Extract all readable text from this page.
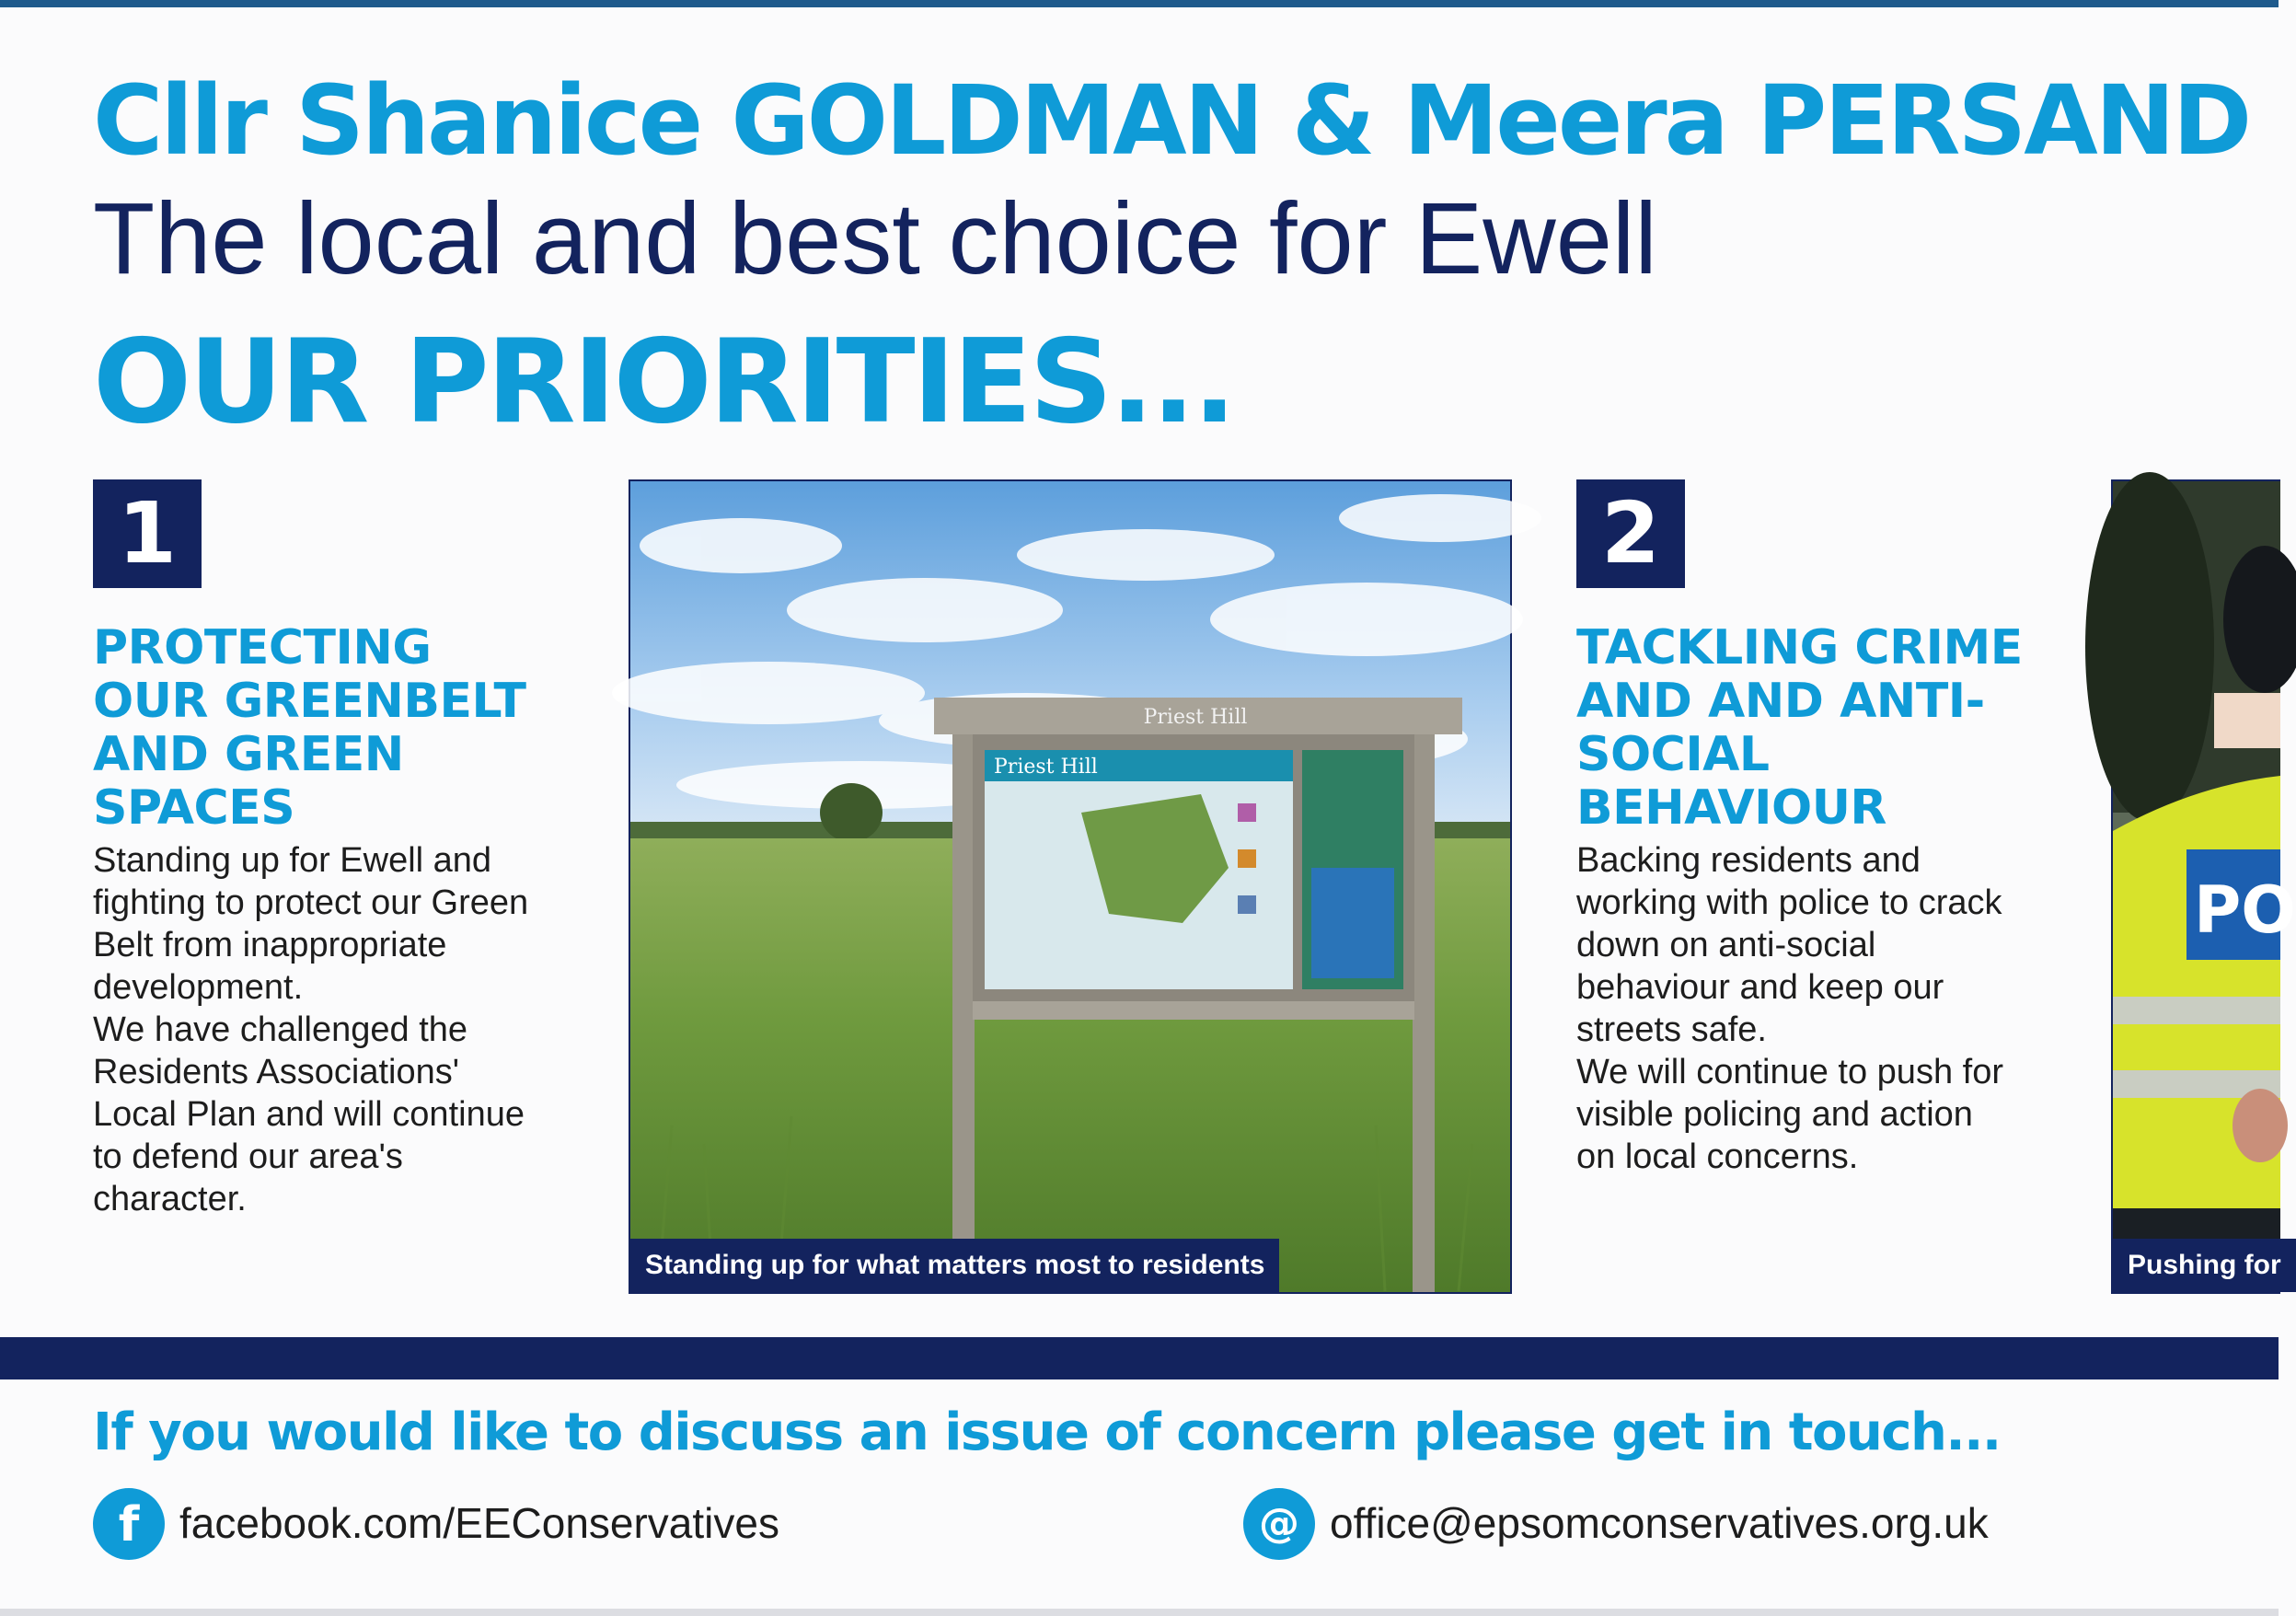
Cllr Shanice GOLDMAN & Meera PERSAND
The local and best choice for Ewell
OUR PRIORITIES...
1
PROTECTING
OUR GREENBELT
AND GREEN
SPACES
Standing up for Ewell and
fighting to protect our Green
Belt from inappropriate
development.
We have challenged the
Residents Associations'
Local Plan and will continue
to defend our area's
character.
Priest Hill
Priest Hill
Standing up for what matters most to residents
2
TACKLING CRIME
AND AND ANTI-
SOCIAL
BEHAVIOUR
Backing residents and
working with police to crack
down on anti-social
behaviour and keep our
streets safe.
We will continue to push for
visible policing and action
on local concerns.
PO
Pushing for
If you would like to discuss an issue of concern please get in touch...
f facebook.com/EEConservatives	@ office@epsomconservatives.org.uk
